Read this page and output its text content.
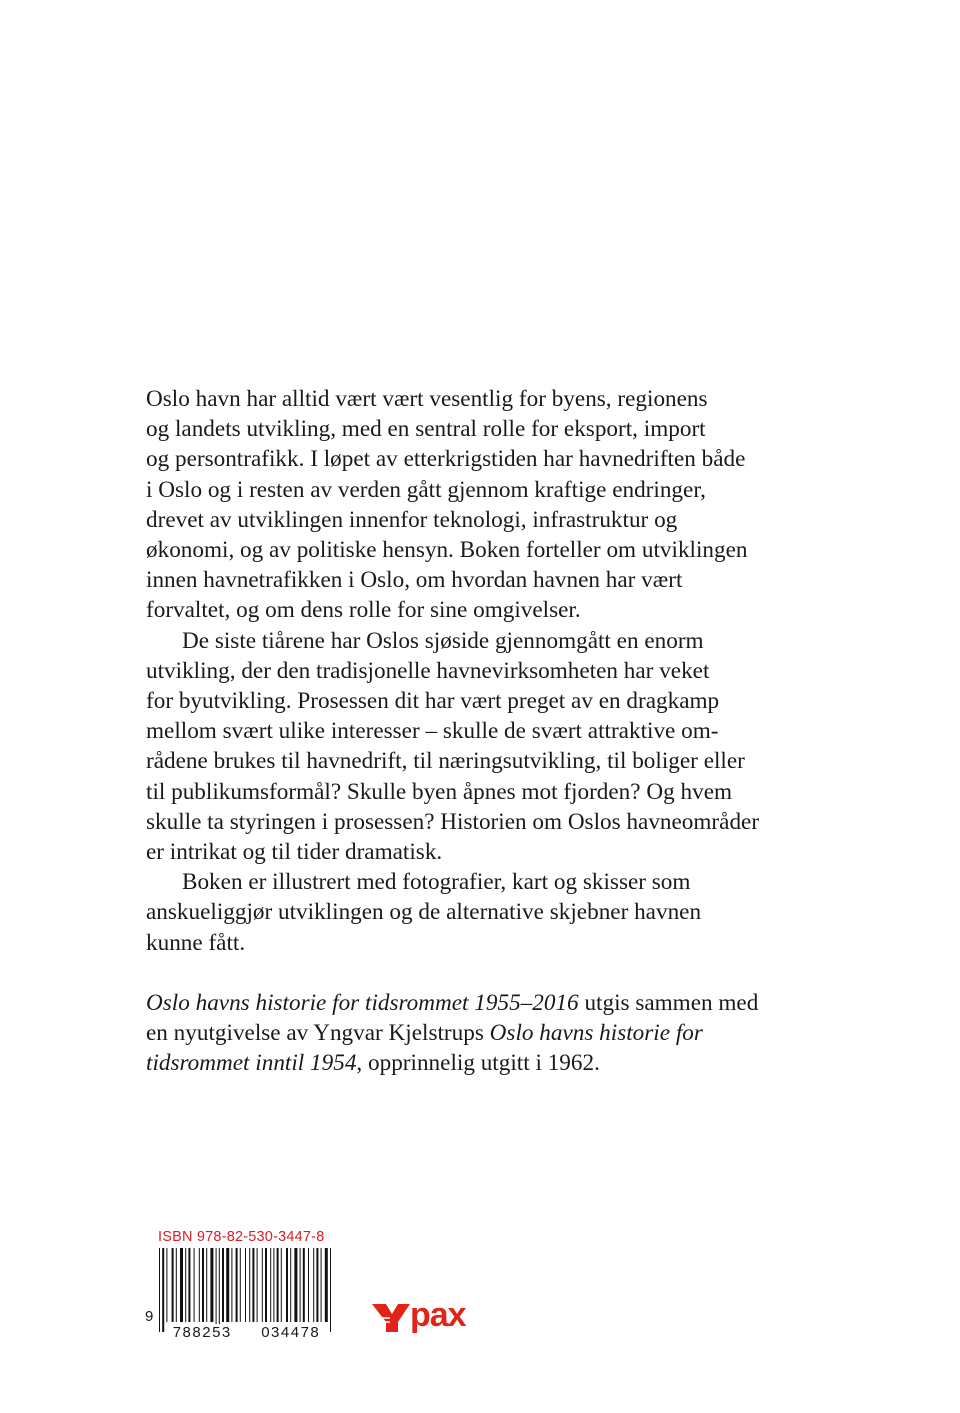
Oslo havn har alltid vært vært vesentlig for byens, regionens
og landets utvikling, med en sentral rolle for eksport, import
og persontrafikk. I løpet av etterkrigstiden har havnedriften både
i Oslo og i resten av verden gått gjennom kraftige endringer,
drevet av utviklingen innenfor teknologi, infrastruktur og
økonomi, og av politiske hensyn. Boken forteller om utviklingen
innen havnetrafikken i Oslo, om hvordan havnen har vært
forvaltet, og om dens rolle for sine omgivelser.
De siste tiårene har Oslos sjøside gjennomgått en enorm
utvikling, der den tradisjonelle havnevirksomheten har veket
for byutvikling. Prosessen dit har vært preget av en dragkamp
mellom svært ulike interesser – skulle de svært attraktive om-
rådene brukes til havnedrift, til næringsutvikling, til boliger eller
til publikumsformål? Skulle byen åpnes mot fjorden? Og hvem
skulle ta styringen i prosessen? Historien om Oslos havneområder
er intrikat og til tider dramatisk.
Boken er illustrert med fotografier, kart og skisser som
anskueliggjør utviklingen og de alternative skjebner havnen
kunne fått.
Oslo havns historie for tidsrommet 1955–2016 utgis sammen med
en nyutgivelse av Yngvar Kjelstrups Oslo havns historie for
tidsrommet inntil 1954, opprinnelig utgitt i 1962.
ISBN 978-82-530-3447-8
9
788253 034478	pax
